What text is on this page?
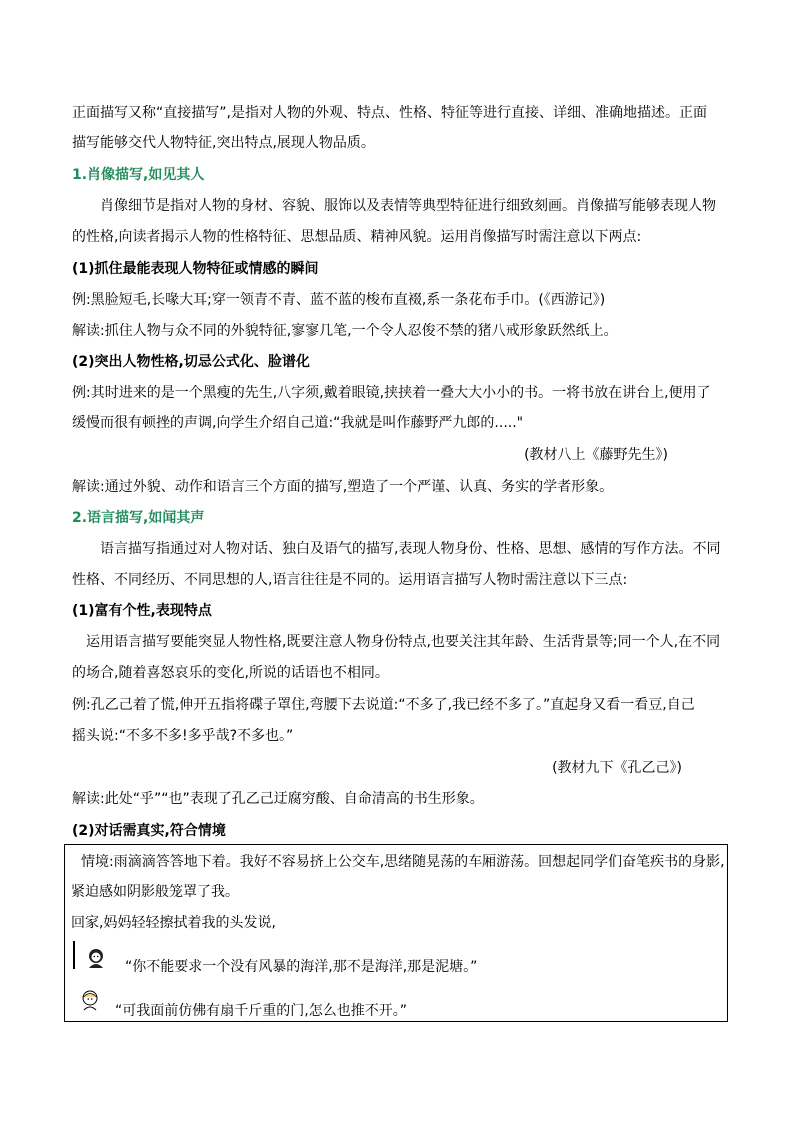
正面描写又称“直接描写”,是指对人物的外观、特点、性格、特征等进行直接、详细、准确地描述。正面
描写能够交代人物特征,突出特点,展现人物品质。
1.肖像描写,如见其人
肖像细节是指对人物的身材、容貌、服饰以及表情等典型特征进行细致刻画。肖像描写能够表现人物
的性格,向读者揭示人物的性格特征、思想品质、精神风貌。运用肖像描写时需注意以下两点:
(1)抓住最能表现人物特征或情感的瞬间
例:黑脸短毛,长喙大耳;穿一领青不青、蓝不蓝的梭布直裰,系一条花布手巾。(《西游记》)
解读:抓住人物与众不同的外貌特征,寥寥几笔,一个令人忍俊不禁的猪八戒形象跃然纸上。
(2)突出人物性格,切忌公式化、脸谱化
例:其时进来的是一个黑瘦的先生,八字须,戴着眼镜,挟挟着一叠大大小小的书。一将书放在讲台上,便用了
缓慢而很有顿挫的声调,向学生介绍自己道:“我就是叫作藤野严九郎的....."
(教材八上《藤野先生》)
解读:通过外貌、动作和语言三个方面的描写,塑造了一个严谨、认真、务实的学者形象。
2.语言描写,如闻其声
语言描写指通过对人物对话、独白及语气的描写,表现人物身份、性格、思想、感情的写作方法。不同
性格、不同经历、不同思想的人,语言往往是不同的。运用语言描写人物时需注意以下三点:
(1)富有个性,表现特点
运用语言描写要能突显人物性格,既要注意人物身份特点,也要关注其年龄、生活背景等;同一个人,在不同
的场合,随着喜怒哀乐的变化,所说的话语也不相同。
例:孔乙己着了慌,伸开五指将碟子罩住,弯腰下去说道:“不多了,我已经不多了。”直起身又看一看豆,自己
摇头说:“不多不多!多乎哉?不多也。”
(教材九下《孔乙己》)
解读:此处“乎”“也”表现了孔乙己迂腐穷酸、自命清高的书生形象。
(2)对话需真实,符合情境
情境:雨滴滴答答地下着。我好不容易挤上公交车,思绪随晃荡的车厢游荡。回想起同学们奋笔疾书的身影,
紧迫感如阴影般笼罩了我。
回家,妈妈轻轻擦拭着我的头发说,
“你不能要求一个没有风暴的海洋,那不是海洋,那是泥塘。”
“可我面前仿佛有扇千斤重的门,怎么也推不开。”
